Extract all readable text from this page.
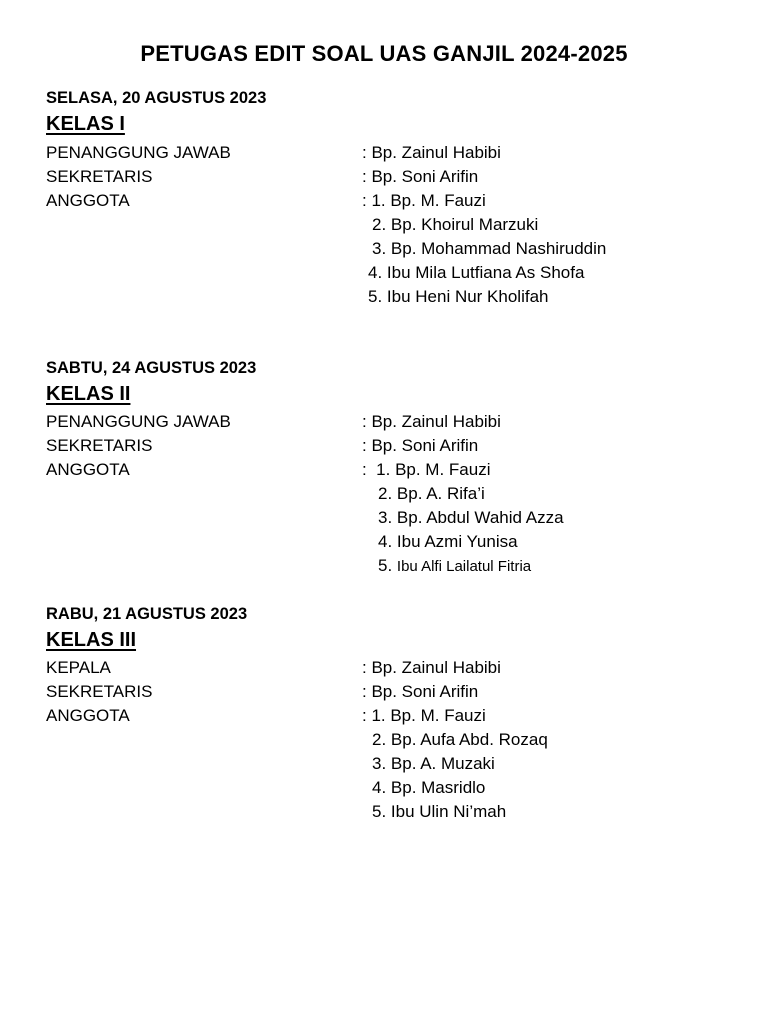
PETUGAS EDIT SOAL UAS GANJIL 2024-2025
SELASA, 20 AGUSTUS 2023
KELAS I
PENANGGUNG JAWAB	: Bp. Zainul Habibi
SEKRETARIS	: Bp. Soni Arifin
ANGGOTA	: 1. Bp. M. Fauzi
2. Bp. Khoirul Marzuki
3. Bp. Mohammad Nashiruddin
4. Ibu Mila Lutfiana As Shofa
5. Ibu Heni Nur Kholifah
SABTU, 24 AGUSTUS 2023
KELAS II
PENANGGUNG JAWAB	: Bp. Zainul Habibi
SEKRETARIS	: Bp. Soni Arifin
ANGGOTA	:  1. Bp. M. Fauzi
2. Bp. A. Rifa’i
3. Bp. Abdul Wahid Azza
4. Ibu Azmi Yunisa
5. Ibu Alfi Lailatul Fitria
RABU, 21 AGUSTUS 2023
KELAS III
KEPALA	: Bp. Zainul Habibi
SEKRETARIS	: Bp. Soni Arifin
ANGGOTA	: 1. Bp. M. Fauzi
2. Bp. Aufa Abd. Rozaq
3. Bp. A. Muzaki
4. Bp. Masridlo
5. Ibu Ulin Ni’mah
